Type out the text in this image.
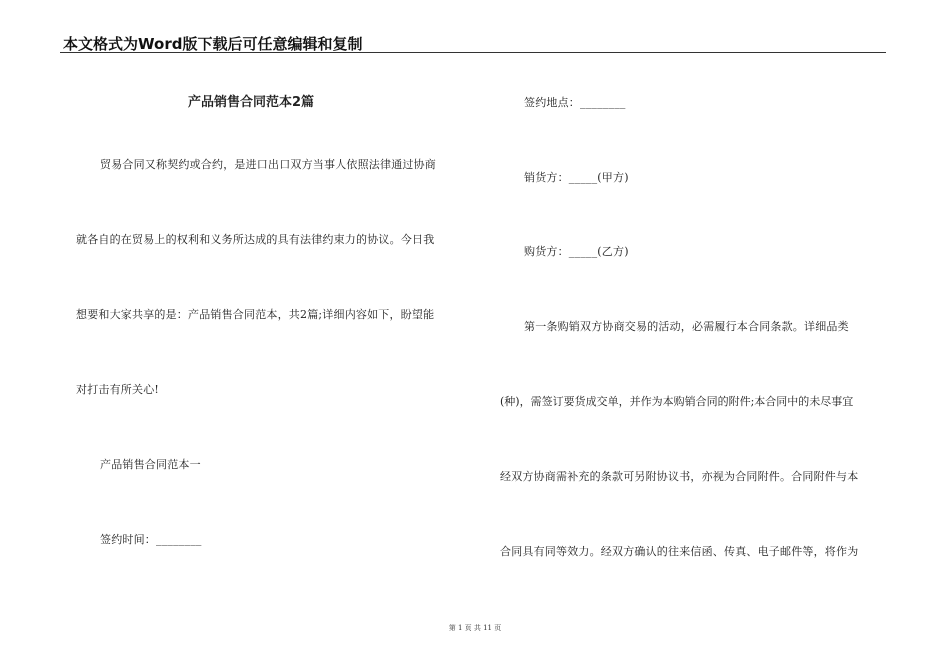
本文格式为Word版下载后可任意编辑和复制
产品销售合同范本2篇
贸易合同又称契约或合约，是进口出口双方当事人依照法律通过协商
就各自的在贸易上的权利和义务所达成的具有法律约束力的协议。今日我
想要和大家共享的是：产品销售合同范本，共2篇;详细内容如下，盼望能
对打击有所关心!
产品销售合同范本一
签约时间：________
签约地点：________
销货方：_____(甲方)
购货方：_____(乙方)
第一条购销双方协商交易的活动，必需履行本合同条款。详细品类
(种)，需签订要货成交单，并作为本购销合同的附件;本合同中的未尽事宜
经双方协商需补充的条款可另附协议书，亦视为合同附件。合同附件与本
合同具有同等效力。经双方确认的往来信函、传真、电子邮件等，将作为
第 1 页 共 11 页
